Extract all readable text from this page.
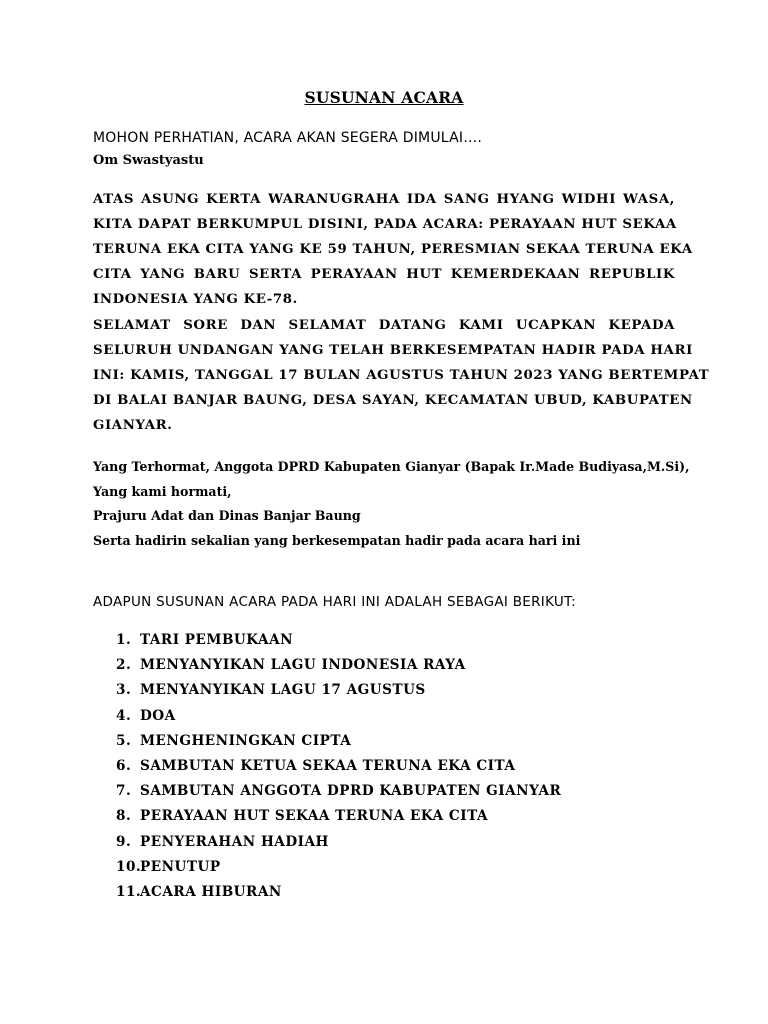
SUSUNAN ACARA
MOHON PERHATIAN, ACARA AKAN SEGERA DIMULAI….
Om Swastyastu
ATAS ASUNG KERTA WARANUGRAHA IDA SANG HYANG WIDHI WASA,
KITA DAPAT BERKUMPUL DISINI, PADA ACARA: PERAYAAN HUT SEKAA
TERUNA EKA CITA YANG KE 59 TAHUN, PERESMIAN SEKAA TERUNA EKA
CITA YANG BARU SERTA PERAYAAN HUT KEMERDEKAAN REPUBLIK
INDONESIA YANG KE-78.
SELAMAT SORE DAN SELAMAT DATANG KAMI UCAPKAN KEPADA
SELURUH UNDANGAN YANG TELAH BERKESEMPATAN HADIR PADA HARI
INI: KAMIS, TANGGAL 17 BULAN AGUSTUS TAHUN 2023 YANG BERTEMPAT
DI BALAI BANJAR BAUNG, DESA SAYAN, KECAMATAN UBUD, KABUPATEN
GIANYAR.
Yang Terhormat, Anggota DPRD Kabupaten Gianyar (Bapak Ir.Made Budiyasa,M.Si),
Yang kami hormati,
Prajuru Adat dan Dinas Banjar Baung
Serta hadirin sekalian yang berkesempatan hadir pada acara hari ini
ADAPUN SUSUNAN ACARA PADA HARI INI ADALAH SEBAGAI BERIKUT:
1. TARI PEMBUKAAN
2. MENYANYIKAN LAGU INDONESIA RAYA
3. MENYANYIKAN LAGU 17 AGUSTUS
4. DOA
5. MENGHENINGKAN CIPTA
6. SAMBUTAN KETUA SEKAA TERUNA EKA CITA
7. SAMBUTAN ANGGOTA DPRD KABUPATEN GIANYAR
8. PERAYAAN HUT SEKAA TERUNA EKA CITA
9. PENYERAHAN HADIAH
10.PENUTUP
11.ACARA HIBURAN
